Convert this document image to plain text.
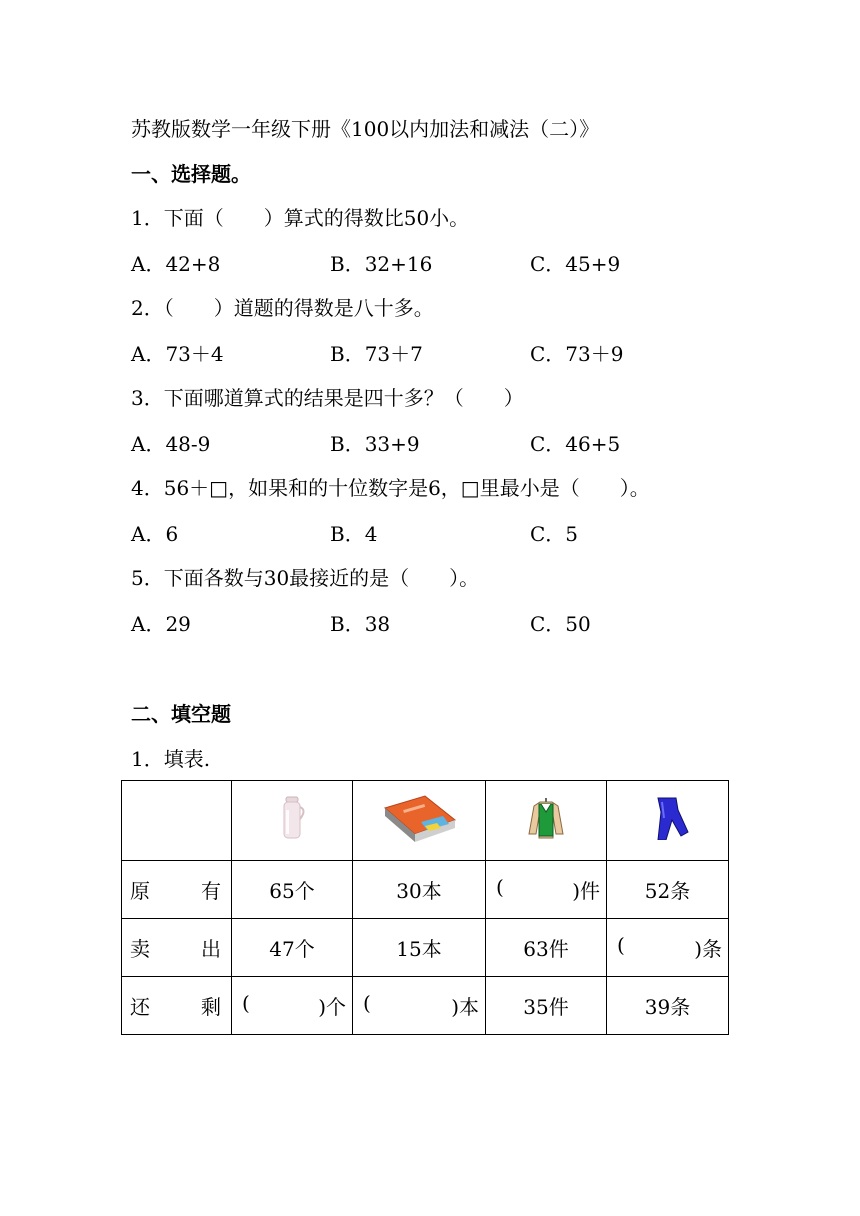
苏教版数学一年级下册《100以内加法和减法（二）》
一、选择题。
1．下面（　　）算式的得数比50小。
A．42+8	B．32+16	C．45+9
2．（　　）道题的得数是八十多。
A．73＋4	B．73＋7	C．73＋9
3．下面哪道算式的结果是四十多？（　　）
A．48-9	B．33+9	C．46+5
4．56＋□，如果和的十位数字是6，□里最小是（　　）。
A．6	B．4	C．5
5．下面各数与30最接近的是（　　）。
A．29	B．38	C．50
二、填空题
1．填表.

原 有	65个	30本	( )件	52条

卖 出	47个	15本	63件	( )条

还 剩	( )个	( )本	35件	39条
